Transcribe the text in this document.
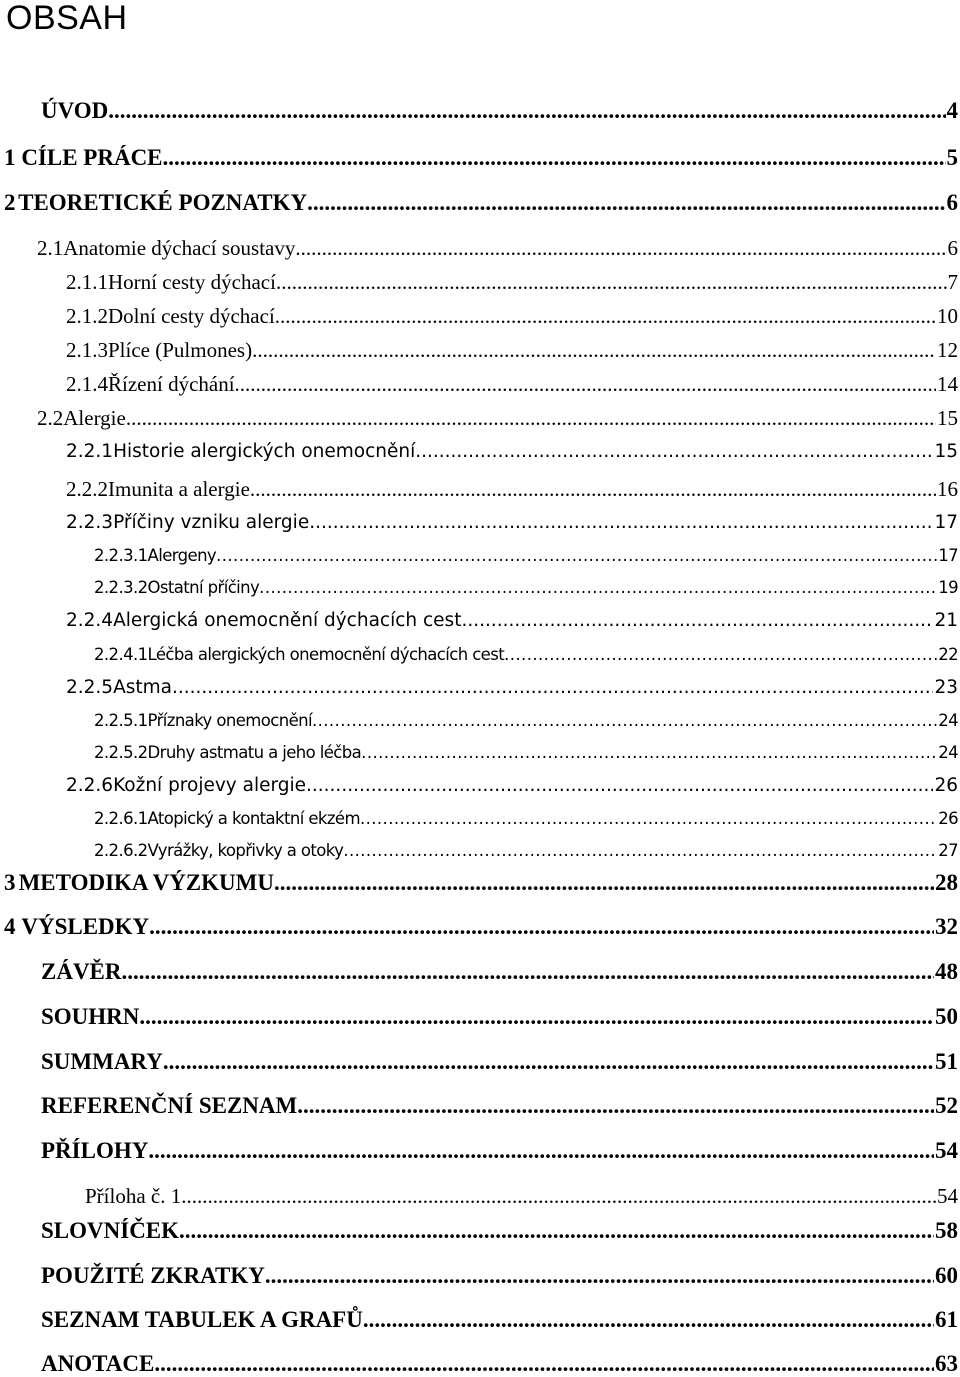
OBSAH
ÚVOD .....	4
1 CÍLE PRÁCE .....	5
2 TEORETICKÉ POZNATKY .....	6
2.1 Anatomie dýchací soustavy .....	6
2.1.1 Horní cesty dýchací .....	7
2.1.2 Dolní cesty dýchací .....	10
2.1.3 Plíce (Pulmones) .....	12
2.1.4 Řízení dýchání .....	14
2.2 Alergie .....	15
2.2.1 Historie alergických onemocnění .....	15
2.2.2 Imunita a alergie .....	16
2.2.3 Příčiny vzniku alergie .....	17
2.2.3.1 Alergeny .....	17
2.2.3.2 Ostatní příčiny .....	19
2.2.4 Alergická onemocnění dýchacích cest .....	21
2.2.4.1 Léčba alergických onemocnění dýchacích cest .....	22
2.2.5 Astma .....	23
2.2.5.1 Příznaky onemocnění .....	24
2.2.5.2 Druhy astmatu a jeho léčba .....	24
2.2.6 Kožní projevy alergie .....	26
2.2.6.1 Atopický a kontaktní ekzém .....	26
2.2.6.2 Vyrážky, kopřivky a otoky .....	27
3 METODIKA VÝZKUMU .....	28
4 VÝSLEDKY .....	32
ZÁVĚR .....	48
SOUHRN .....	50
SUMMARY .....	51
REFERENČNÍ SEZNAM .....	52
PŘÍLOHY .....	54
Příloha č. 1 .....	54
SLOVNÍČEK .....	58
POUŽITÉ ZKRATKY .....	60
SEZNAM TABULEK A GRAFŮ .....	61
ANOTACE .....	63
